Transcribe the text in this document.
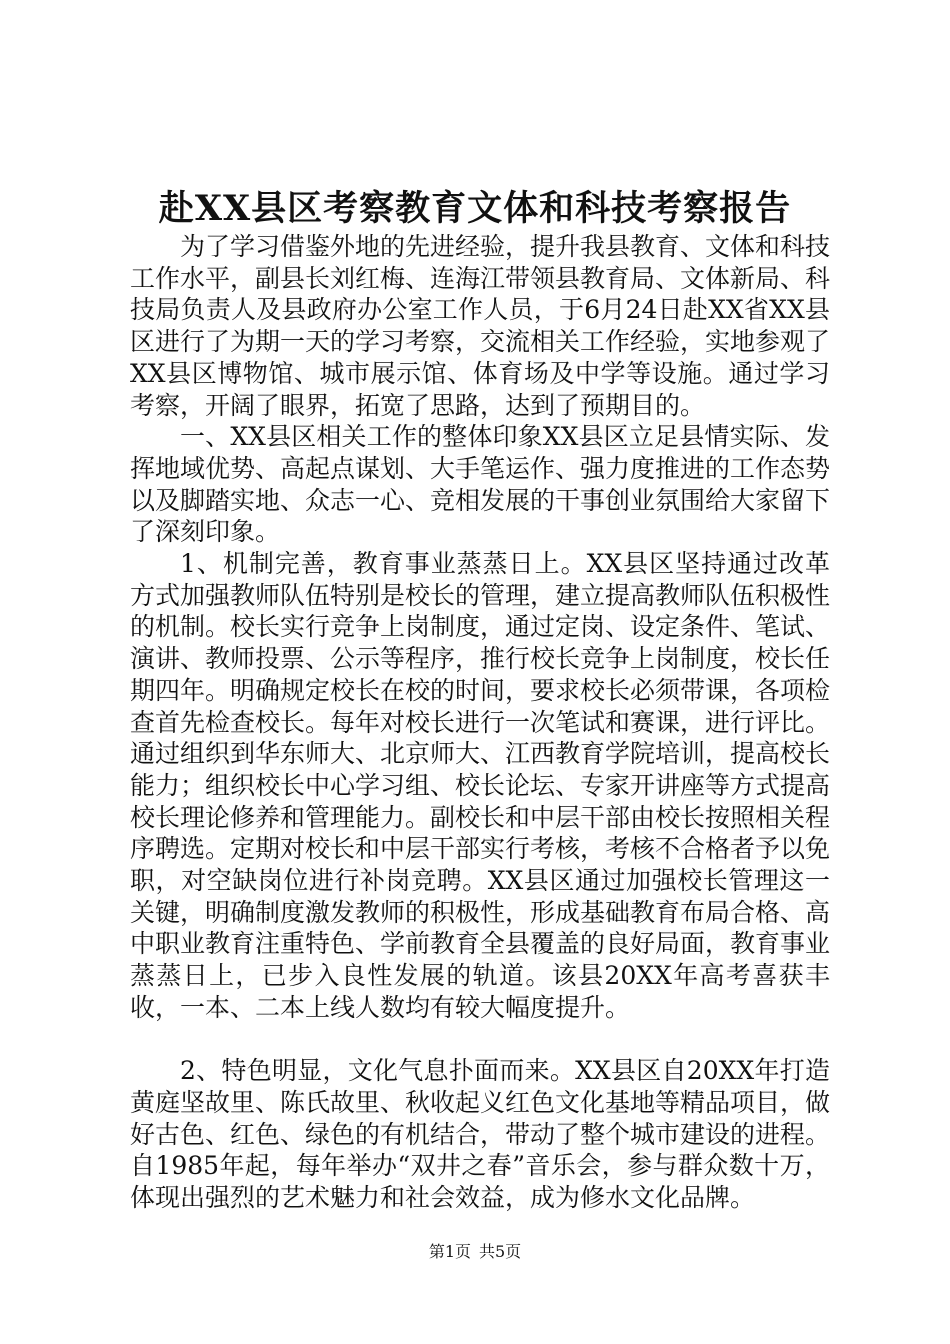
赴XX县区考察教育文体和科技考察报告

为了学习借鉴外地的先进经验，提升我县教育、文体和科技工作水平，副县长刘红梅、连海江带领县教育局、文体新局、科技局负责人及县政府办公室工作人员，于6月24日赴XX省XX县区进行了为期一天的学习考察，交流相关工作经验，实地参观了XX县区博物馆、城市展示馆、体育场及中学等设施。通过学习考察，开阔了眼界，拓宽了思路，达到了预期目的。

一、XX县区相关工作的整体印象XX县区立足县情实际、发挥地域优势、高起点谋划、大手笔运作、强力度推进的工作态势以及脚踏实地、众志一心、竞相发展的干事创业氛围给大家留下了深刻印象。

1、机制完善，教育事业蒸蒸日上。XX县区坚持通过改革方式加强教师队伍特别是校长的管理，建立提高教师队伍积极性的机制。校长实行竞争上岗制度，通过定岗、设定条件、笔试、演讲、教师投票、公示等程序，推行校长竞争上岗制度，校长任期四年。明确规定校长在校的时间，要求校长必须带课，各项检查首先检查校长。每年对校长进行一次笔试和赛课，进行评比。通过组织到华东师大、北京师大、江西教育学院培训，提高校长能力；组织校长中心学习组、校长论坛、专家开讲座等方式提高校长理论修养和管理能力。副校长和中层干部由校长按照相关程序聘选。定期对校长和中层干部实行考核，考核不合格者予以免职，对空缺岗位进行补岗竞聘。XX县区通过加强校长管理这一关键，明确制度激发教师的积极性，形成基础教育布局合格、高中职业教育注重特色、学前教育全县覆盖的良好局面，教育事业蒸蒸日上，已步入良性发展的轨道。该县20XX年高考喜获丰收，一本、二本上线人数均有较大幅度提升。

2、特色明显，文化气息扑面而来。XX县区自20XX年打造黄庭坚故里、陈氏故里、秋收起义红色文化基地等精品项目，做好古色、红色、绿色的有机结合，带动了整个城市建设的进程。自1985年起，每年举办“双井之春”音乐会，参与群众数十万，体现出强烈的艺术魅力和社会效益，成为修水文化品牌。

第1页 共5页
